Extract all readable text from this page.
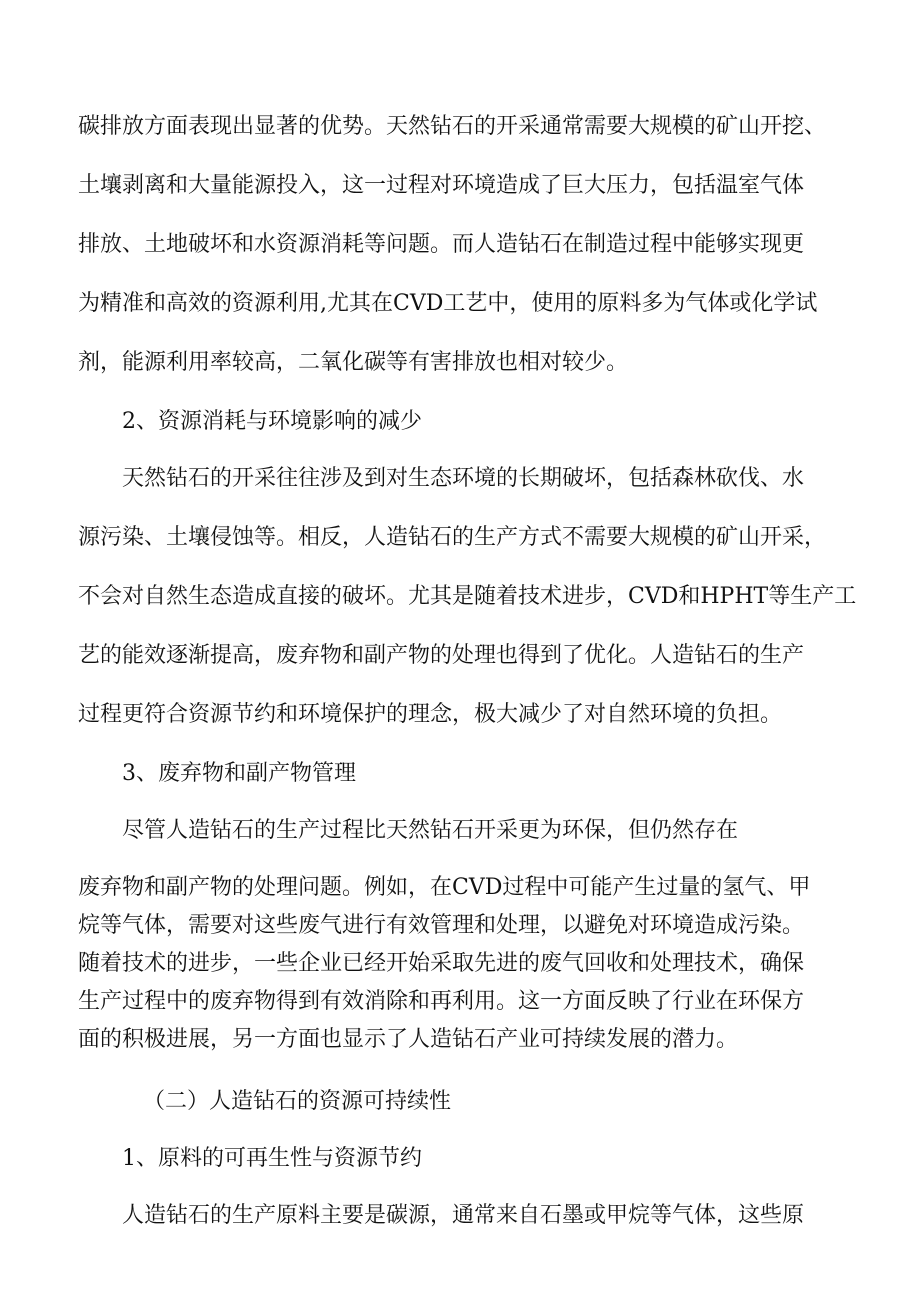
碳排放方面表现出显著的优势。天然钻石的开采通常需要大规模的矿山开挖、
土壤剥离和大量能源投入，这一过程对环境造成了巨大压力，包括温室气体
排放、土地破坏和水资源消耗等问题。而人造钻石在制造过程中能够实现更
为精准和高效的资源利用,尤其在CVD工艺中，使用的原料多为气体或化学试
剂，能源利用率较高，二氧化碳等有害排放也相对较少。
2、资源消耗与环境影响的减少
天然钻石的开采往往涉及到对生态环境的长期破坏，包括森林砍伐、水
源污染、土壤侵蚀等。相反，人造钻石的生产方式不需要大规模的矿山开采，
不会对自然生态造成直接的破坏。尤其是随着技术进步，CVD和HPHT等生产工
艺的能效逐渐提高，废弃物和副产物的处理也得到了优化。人造钻石的生产
过程更符合资源节约和环境保护的理念，极大减少了对自然环境的负担。
3、废弃物和副产物管理
尽管人造钻石的生产过程比天然钻石开采更为环保，但仍然存在
废弃物和副产物的处理问题。例如，在CVD过程中可能产生过量的氢气、甲
烷等气体，需要对这些废气进行有效管理和处理，以避免对环境造成污染。
随着技术的进步，一些企业已经开始采取先进的废气回收和处理技术，确保
生产过程中的废弃物得到有效消除和再利用。这一方面反映了行业在环保方
面的积极进展，另一方面也显示了人造钻石产业可持续发展的潜力。
（二）人造钻石的资源可持续性
1、原料的可再生性与资源节约
人造钻石的生产原料主要是碳源，通常来自石墨或甲烷等气体，这些原
